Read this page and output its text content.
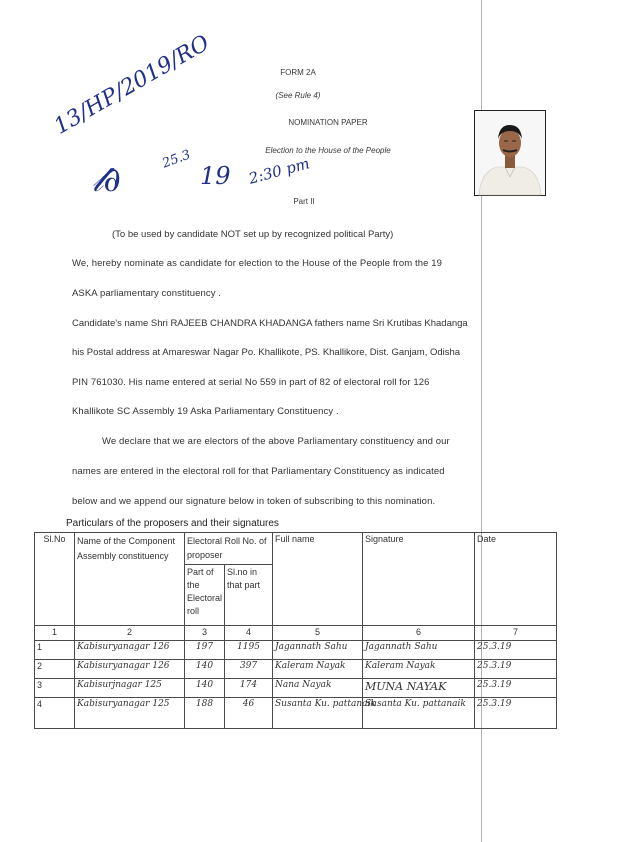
13/HP/2019/RO
𝓁∂
25.3
19 2:30 pm
FORM 2A
(See Rule 4)
NOMINATION PAPER
Election to the House of the People
Part II
(To be used by candidate NOT set up by recognized political Party)
We, hereby nominate as candidate for election to the House of the People from the 19
ASKA parliamentary constituency .
Candidate's name Shri RAJEEB CHANDRA KHADANGA fathers name Sri Krutibas Khadanga
his Postal address at Amareswar Nagar Po. Khallikote, PS. Khallikore, Dist. Ganjam, Odisha
PIN 761030. His name entered at serial No 559 in part of 82 of electoral roll for 126
Khallikote SC Assembly 19 Aska Parliamentary Constituency .
We declare that we are electors of the above Parliamentary constituency and our
names are entered in the electoral roll for that Parliamentary Constituency as indicated
below and we append our signature below in token of subscribing to this nomination.
Particulars of the proposers and their signatures
Sl.No	Name of the Component Assembly constituency	Electoral Roll No. of proposer		Full name	Signature	Date
		Part of the Electoral roll	Sl.no in that part			
1	2	3	4	5	6	7
1	Kabisuryanagar 126	197	1195	Jagannath Sahu	Jagannath Sahu	25.3.19
2	Kabisuryanagar 126	140	397	Kaleram Nayak	Kaleram Nayak	25.3.19
3	Kabisurjnagar 125	140	174	Nana Nayak	MUNA NAYAK	25.3.19
4	Kabisuryanagar 125	188	46	Susanta Ku. pattanaik	Susanta Ku. pattanaik	25.3.19
